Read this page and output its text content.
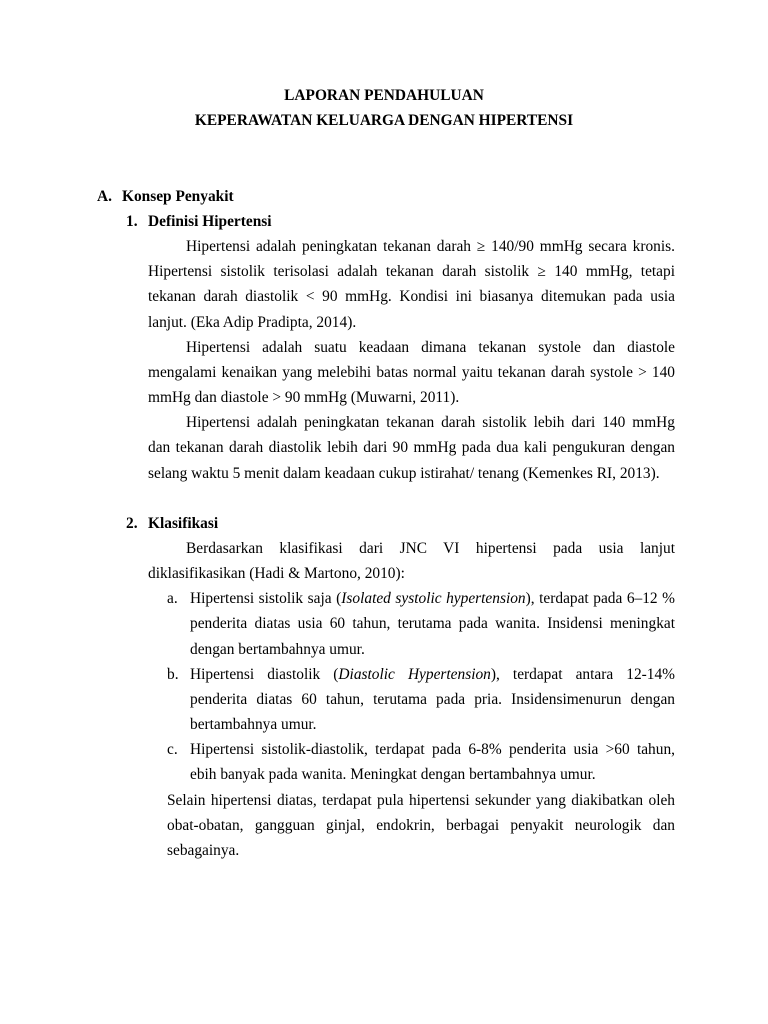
LAPORAN PENDAHULUAN
KEPERAWATAN KELUARGA DENGAN HIPERTENSI
A. Konsep Penyakit
1. Definisi Hipertensi
Hipertensi adalah peningkatan tekanan darah ≥ 140/90 mmHg secara kronis.
Hipertensi sistolik terisolasi adalah tekanan darah sistolik ≥ 140 mmHg, tetapi
tekanan darah diastolik < 90 mmHg. Kondisi ini biasanya ditemukan pada usia
lanjut. (Eka Adip Pradipta, 2014).
Hipertensi adalah suatu keadaan dimana tekanan systole dan diastole
mengalami kenaikan yang melebihi batas normal yaitu tekanan darah systole > 140
mmHg dan diastole > 90 mmHg (Muwarni, 2011).
Hipertensi adalah peningkatan tekanan darah sistolik lebih dari 140 mmHg
dan tekanan darah diastolik lebih dari 90 mmHg pada dua kali pengukuran dengan
selang waktu 5 menit dalam keadaan cukup istirahat/ tenang (Kemenkes RI, 2013).
2. Klasifikasi
Berdasarkan klasifikasi dari JNC VI hipertensi pada usia lanjut
diklasifikasikan (Hadi & Martono, 2010):
a. Hipertensi sistolik saja (Isolated systolic hypertension), terdapat pada 6–12 %
penderita diatas usia 60 tahun, terutama pada wanita. Insidensi meningkat
dengan bertambahnya umur.
b. Hipertensi diastolik (Diastolic Hypertension), terdapat antara 12-14%
penderita diatas 60 tahun, terutama pada pria. Insidensimenurun dengan
bertambahnya umur.
c. Hipertensi sistolik-diastolik, terdapat pada 6-8% penderita usia >60 tahun,
ebih banyak pada wanita. Meningkat dengan bertambahnya umur.
Selain hipertensi diatas, terdapat pula hipertensi sekunder yang diakibatkan oleh
obat-obatan, gangguan ginjal, endokrin, berbagai penyakit neurologik dan
sebagainya.
